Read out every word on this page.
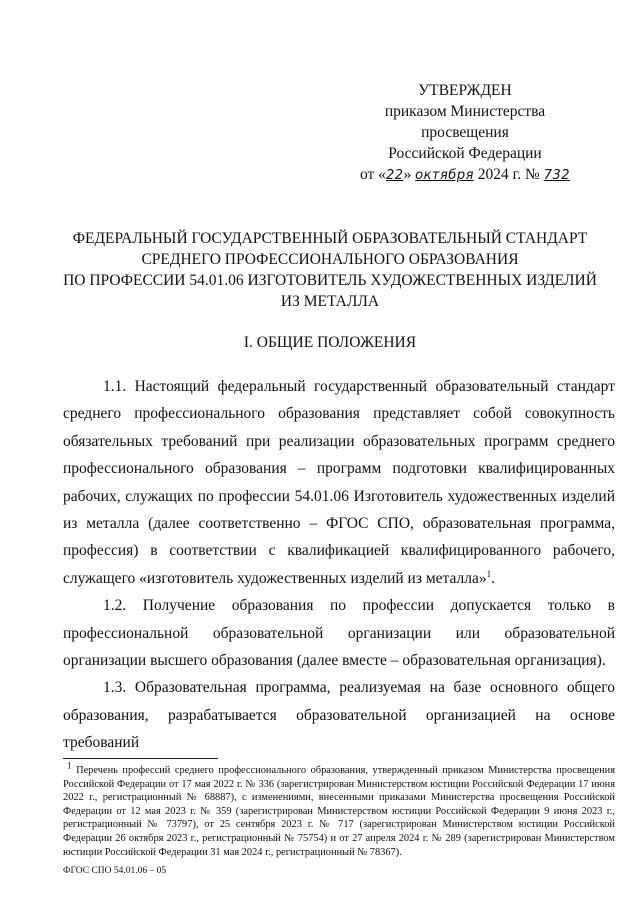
УТВЕРЖДЕН
приказом Министерства просвещения
Российской Федерации
от «22» октября 2024 г. № 732
ФЕДЕРАЛЬНЫЙ ГОСУДАРСТВЕННЫЙ ОБРАЗОВАТЕЛЬНЫЙ СТАНДАРТ
СРЕДНЕГО ПРОФЕССИОНАЛЬНОГО ОБРАЗОВАНИЯ
ПО ПРОФЕССИИ 54.01.06 ИЗГОТОВИТЕЛЬ ХУДОЖЕСТВЕННЫХ ИЗДЕЛИЙ
ИЗ МЕТАЛЛА
I. ОБЩИЕ ПОЛОЖЕНИЯ

1.1. Настоящий федеральный государственный образовательный стандарт среднего профессионального образования представляет собой совокупность обязательных требований при реализации образовательных программ среднего профессионального образования – программ подготовки квалифицированных рабочих, служащих по профессии 54.01.06 Изготовитель художественных изделий из металла (далее соответственно – ФГОС СПО, образовательная программа, профессия) в соответствии с квалификацией квалифицированного рабочего, служащего «изготовитель художественных изделий из металла»$^1$.

1.2. Получение образования по профессии допускается только в профессиональной образовательной организации или образовательной организации высшего образования (далее вместе – образовательная организация).

1.3. Образовательная программа, реализуемая на базе основного общего образования, разрабатывается образовательной организацией на основе требований

1 Перечень профессий среднего профессионального образования, утвержденный приказом Министерства просвещения Российской Федерации от 17 мая 2022 г. № 336 (зарегистрирован Министерством юстиции Российской Федерации 17 июня 2022 г., регистрационный № 68887), с изменениями, внесенными приказами Министерства просвещения Российской Федерации от 12 мая 2023 г. № 359 (зарегистрирован Министерством юстиции Российской Федерации 9 июня 2023 г., регистрационный № 73797), от 25 сентября 2023 г. № 717 (зарегистрирован Министерством юстиции Российской Федерации 26 октября 2023 г., регистрационный № 75754) и от 27 апреля 2024 г. № 289 (зарегистрирован Министерством юстиции Российской Федерации 31 мая 2024 г., регистрационный № 78367).

ФГОС СПО 54.01.06 – 05
